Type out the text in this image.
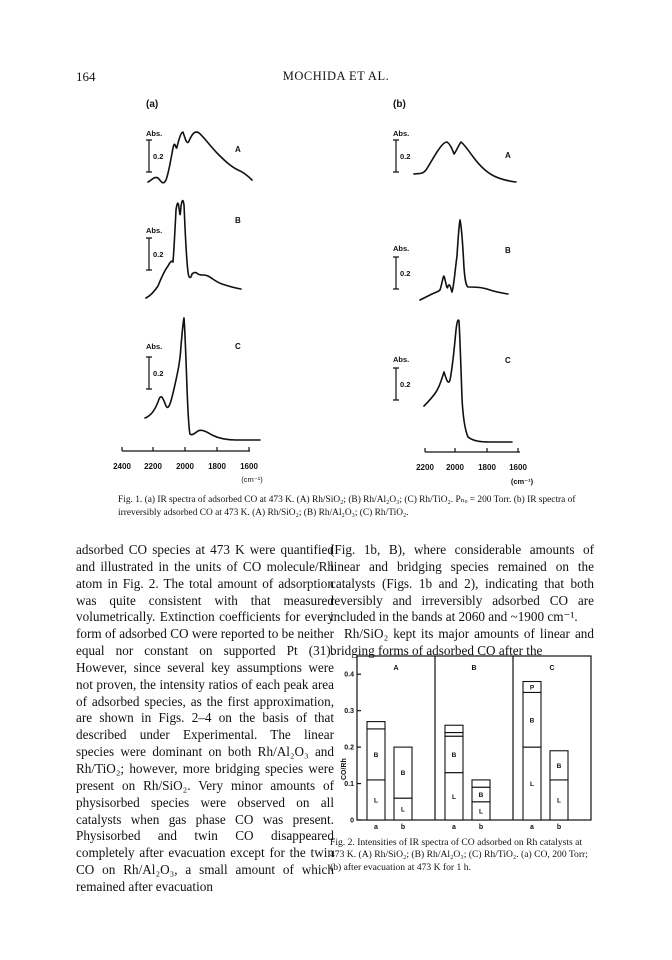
164	MOCHIDA ET AL.
(a)	(b)
A
B
C
A
B
C
Abs.
Abs.
Abs.
Abs.
Abs.
Abs.
0.2
0.2
0.2
0.2
0.2
0.2
2400 2200 2000 1800 1600
(cm⁻¹)
2200 2000 1800 1600
(cm⁻¹)
Fig. 1. (a) IR spectra of adsorbed CO at 473 K. (A) Rh/SiO₂; (B) Rh/Al₂O₃; (C) Rh/TiO₂. Pₙₒ = 200 Torr. (b) IR spectra of irreversibly adsorbed CO at 473 K. (A) Rh/SiO₂; (B) Rh/Al₂O₃; (C) Rh/TiO₂.

adsorbed CO species at 473 K were quantified and illustrated in the units of CO molecule/Rh atom in Fig. 2. The total amount of adsorption was quite consistent with that measured volumetrically. Extinction coefficients for every form of adsorbed CO were reported to be neither equal nor constant on supported Pt (31). However, since several key assumptions were not proven, the intensity ratios of each peak area of adsorbed species, as the first approximation, are shown in Figs. 2–4 on the basis of that described under Experimental. The linear species were dominant on both Rh/Al₂O₃ and Rh/TiO₂; however, more bridging species were present on Rh/SiO₂. Very minor amounts of physisorbed species were observed on all catalysts when gas phase CO was present. Physisorbed and twin CO disappeared completely after evacuation except for the twin CO on Rh/Al₂O₃, a small amount of which remained after evacuation

(Fig. 1b, B), where considerable amounts of linear and bridging species remained on the catalysts (Figs. 1b and 2), indicating that both reversibly and irreversibly adsorbed CO are included in the bands at 2060 and ~1900 cm⁻¹.

Rh/SiO₂ kept its major amounts of linear and bridging forms of adsorbed CO after the

0
0.1
0.2
0.3
0.4
A
a	b
B
a	b
C
a	b
L
B
L
B
L
B
L
B
L
B
P
L
B
CO/Rh
Fig. 2. Intensities of IR spectra of CO adsorbed on Rh catalysts at 473 K. (A) Rh/SiO₂; (B) Rh/Al₂O₃; (C) Rh/TiO₂. (a) CO, 200 Torr; (b) after evacuation at 473 K for 1 h.
